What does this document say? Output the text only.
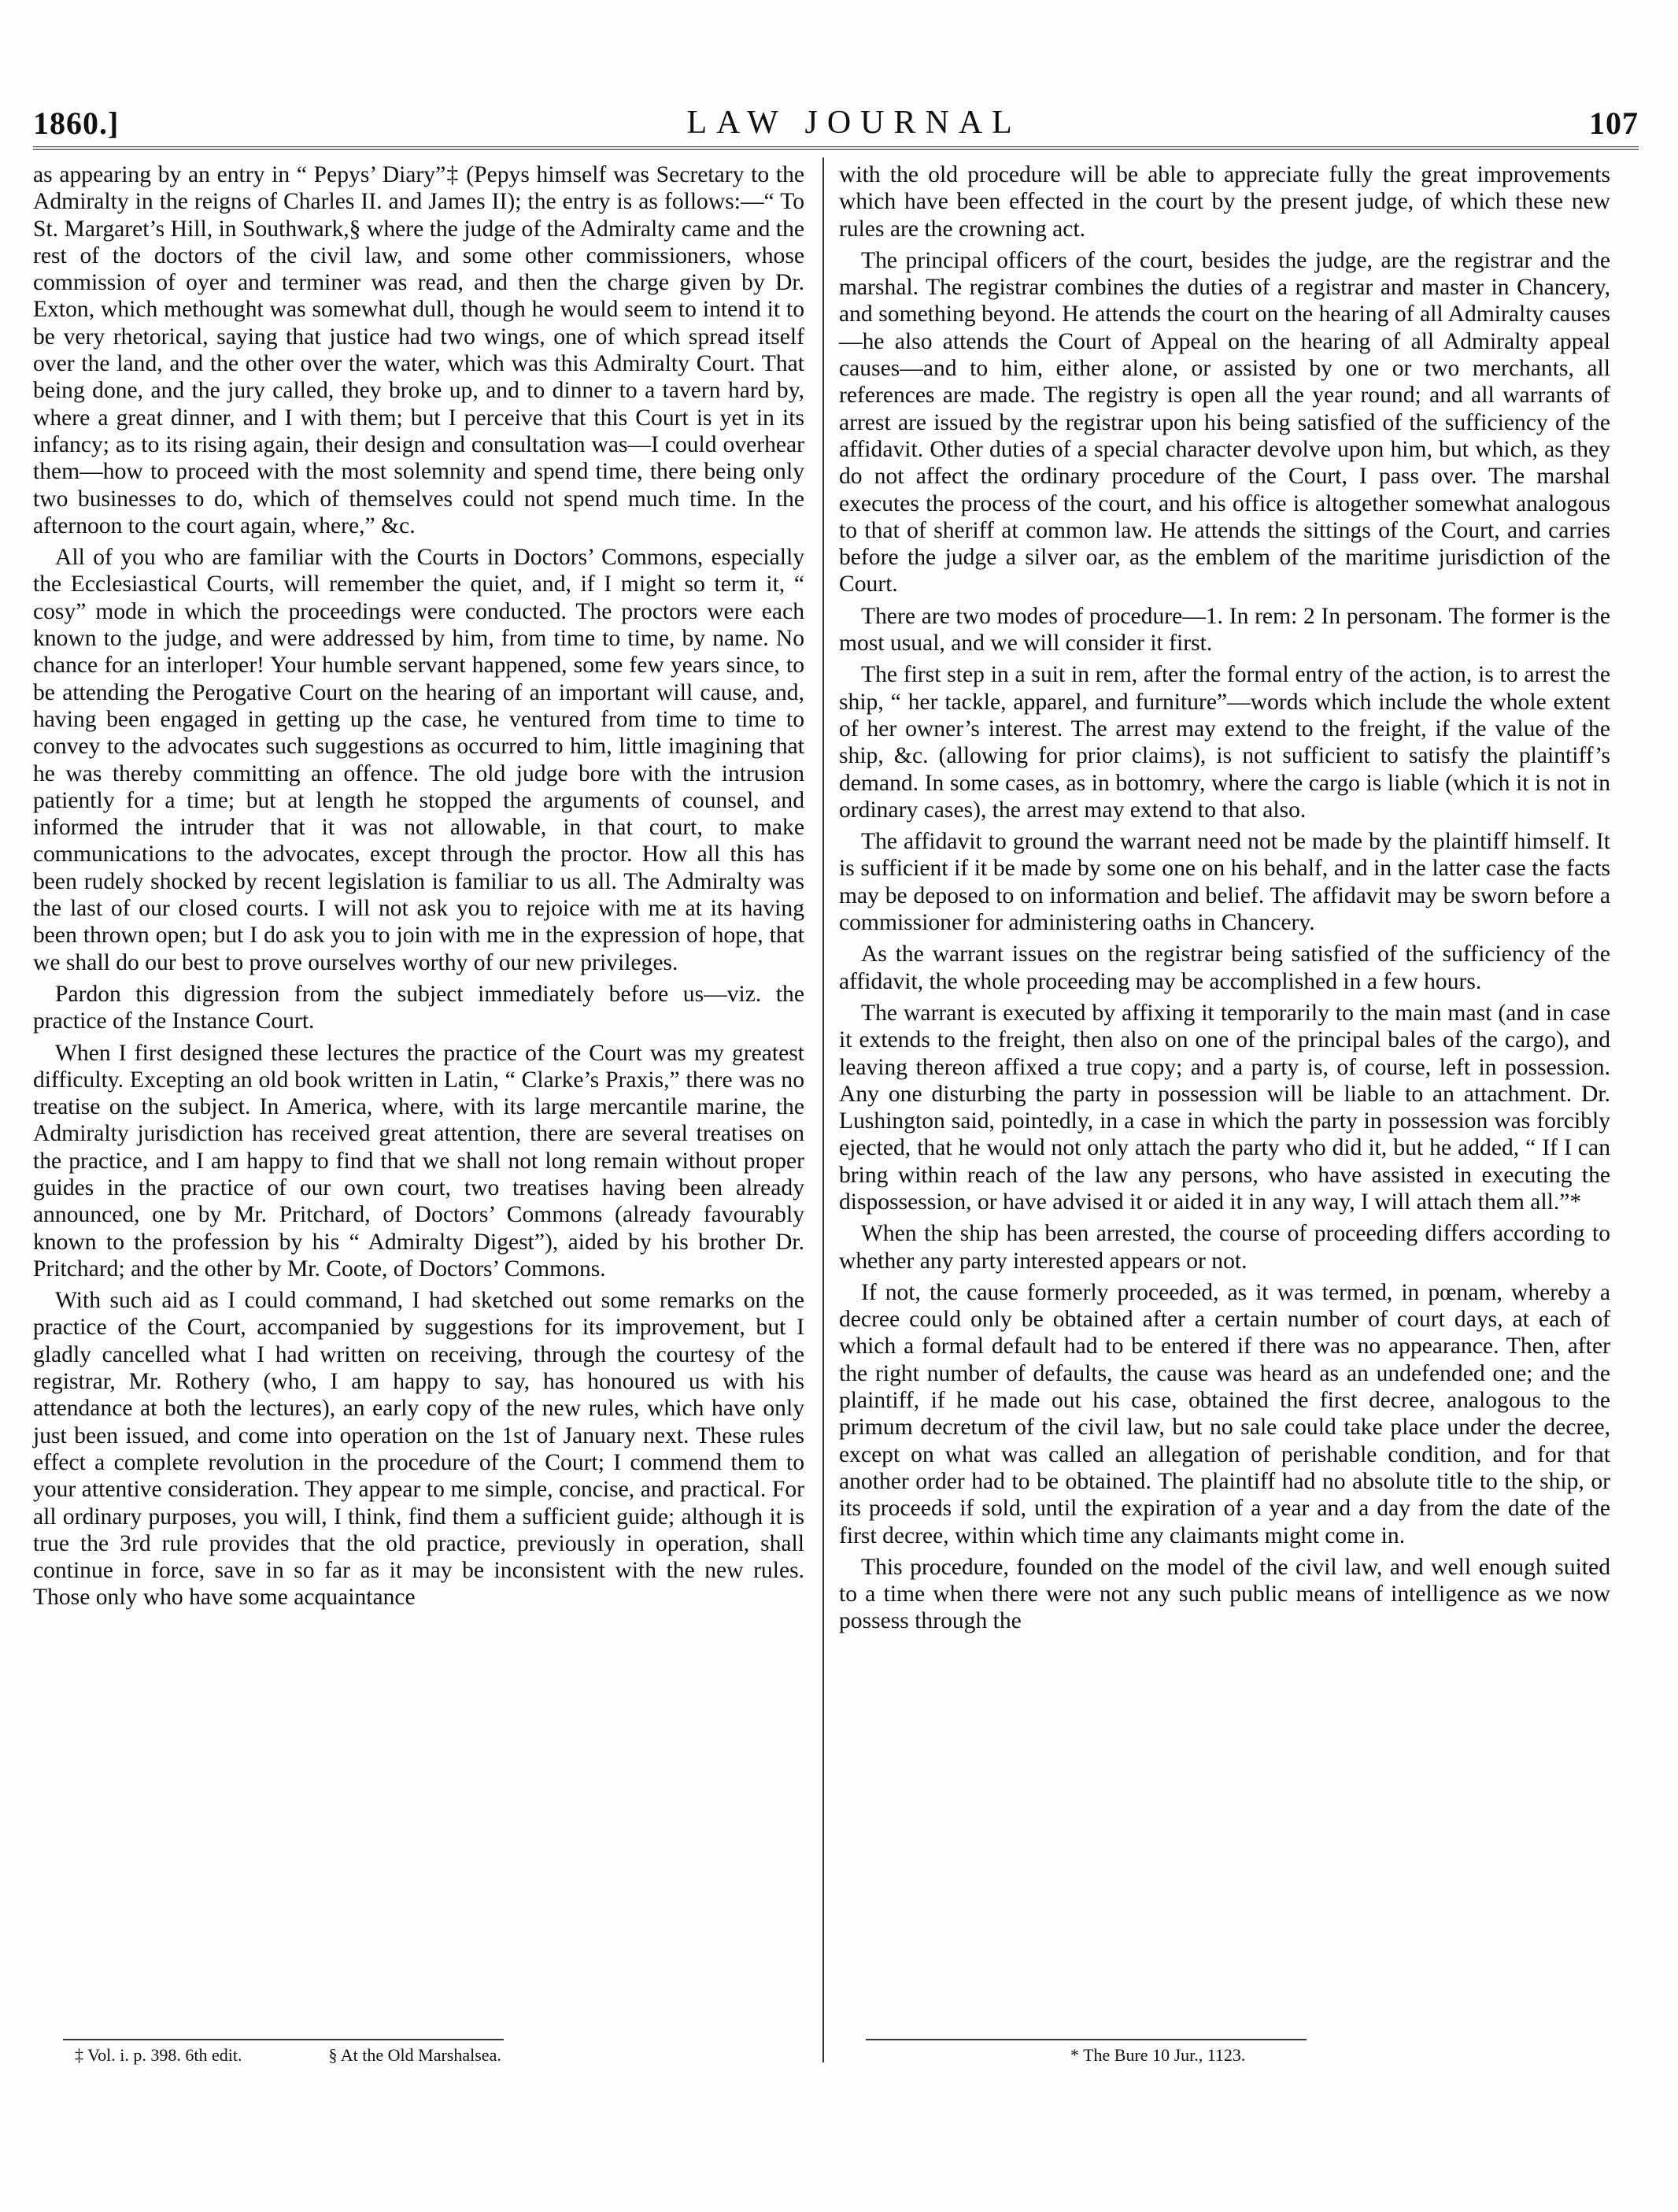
1860.]	LAW JOURNAL	107

as appearing by an entry in “ Pepys’ Diary”‡ (Pepys himself was Secretary to the Admiralty in the reigns of Charles II. and James II); the entry is as follows:—“ To St. Margaret’s Hill, in Southwark,§ where the judge of the Admiralty came and the rest of the doctors of the civil law, and some other commissioners, whose commission of oyer and terminer was read, and then the charge given by Dr. Exton, which methought was somewhat dull, though he would seem to intend it to be very rhetorical, saying that justice had two wings, one of which spread itself over the land, and the other over the water, which was this Admiralty Court. That being done, and the jury called, they broke up, and to dinner to a tavern hard by, where a great dinner, and I with them; but I perceive that this Court is yet in its infancy; as to its rising again, their design and consultation was—I could overhear them—how to proceed with the most solemnity and spend time, there being only two businesses to do, which of themselves could not spend much time. In the afternoon to the court again, where,” &c.

All of you who are familiar with the Courts in Doctors’ Commons, especially the Ecclesiastical Courts, will remember the quiet, and, if I might so term it, “ cosy” mode in which the proceedings were conducted. The proctors were each known to the judge, and were addressed by him, from time to time, by name. No chance for an interloper! Your humble servant happened, some few years since, to be attending the Perogative Court on the hearing of an important will cause, and, having been engaged in getting up the case, he ventured from time to time to convey to the advocates such suggestions as occurred to him, little imagining that he was thereby committing an offence. The old judge bore with the intrusion patiently for a time; but at length he stopped the arguments of counsel, and informed the intruder that it was not allowable, in that court, to make communications to the advocates, except through the proctor. How all this has been rudely shocked by recent legislation is familiar to us all. The Admiralty was the last of our closed courts. I will not ask you to rejoice with me at its having been thrown open; but I do ask you to join with me in the expression of hope, that we shall do our best to prove ourselves worthy of our new privileges.

Pardon this digression from the subject immediately before us—viz. the practice of the Instance Court.

When I first designed these lectures the practice of the Court was my greatest difficulty. Excepting an old book written in Latin, “ Clarke’s Praxis,” there was no treatise on the subject. In America, where, with its large mercantile marine, the Admiralty jurisdiction has received great attention, there are several treatises on the practice, and I am happy to find that we shall not long remain without proper guides in the practice of our own court, two treatises having been already announced, one by Mr. Pritchard, of Doctors’ Commons (already favourably known to the profession by his “ Admiralty Digest”), aided by his brother Dr. Pritchard; and the other by Mr. Coote, of Doctors’ Commons.

With such aid as I could command, I had sketched out some remarks on the practice of the Court, accompanied by suggestions for its improvement, but I gladly cancelled what I had written on receiving, through the courtesy of the registrar, Mr. Rothery (who, I am happy to say, has honoured us with his attendance at both the lectures), an early copy of the new rules, which have only just been issued, and come into operation on the 1st of January next. These rules effect a complete revolution in the procedure of the Court; I commend them to your attentive consideration. They appear to me simple, concise, and practical. For all ordinary purposes, you will, I think, find them a sufficient guide; although it is true the 3rd rule provides that the old practice, previously in operation, shall continue in force, save in so far as it may be inconsistent with the new rules. Those only who have some acquaintance

with the old procedure will be able to appreciate fully the great improvements which have been effected in the court by the present judge, of which these new rules are the crowning act.

The principal officers of the court, besides the judge, are the registrar and the marshal. The registrar combines the duties of a registrar and master in Chancery, and something beyond. He attends the court on the hearing of all Admiralty causes—he also attends the Court of Appeal on the hearing of all Admiralty appeal causes—and to him, either alone, or assisted by one or two merchants, all references are made. The registry is open all the year round; and all warrants of arrest are issued by the registrar upon his being satisfied of the sufficiency of the affidavit. Other duties of a special character devolve upon him, but which, as they do not affect the ordinary procedure of the Court, I pass over. The marshal executes the process of the court, and his office is altogether somewhat analogous to that of sheriff at common law. He attends the sittings of the Court, and carries before the judge a silver oar, as the emblem of the maritime jurisdiction of the Court.

There are two modes of procedure—1. In rem: 2 In personam. The former is the most usual, and we will consider it first.

The first step in a suit in rem, after the formal entry of the action, is to arrest the ship, “ her tackle, apparel, and furniture”—words which include the whole extent of her owner’s interest. The arrest may extend to the freight, if the value of the ship, &c. (allowing for prior claims), is not sufficient to satisfy the plaintiff’s demand. In some cases, as in bottomry, where the cargo is liable (which it is not in ordinary cases), the arrest may extend to that also.

The affidavit to ground the warrant need not be made by the plaintiff himself. It is sufficient if it be made by some one on his behalf, and in the latter case the facts may be deposed to on information and belief. The affidavit may be sworn before a commissioner for administering oaths in Chancery.

As the warrant issues on the registrar being satisfied of the sufficiency of the affidavit, the whole proceeding may be accomplished in a few hours.

The warrant is executed by affixing it temporarily to the main mast (and in case it extends to the freight, then also on one of the principal bales of the cargo), and leaving thereon affixed a true copy; and a party is, of course, left in possession. Any one disturbing the party in possession will be liable to an attachment. Dr. Lushington said, pointedly, in a case in which the party in possession was forcibly ejected, that he would not only attach the party who did it, but he added, “ If I can bring within reach of the law any persons, who have assisted in executing the dispossession, or have advised it or aided it in any way, I will attach them all.”*

When the ship has been arrested, the course of proceeding differs according to whether any party interested appears or not.

If not, the cause formerly proceeded, as it was termed, in pœnam, whereby a decree could only be obtained after a certain number of court days, at each of which a formal default had to be entered if there was no appearance. Then, after the right number of defaults, the cause was heard as an undefended one; and the plaintiff, if he made out his case, obtained the first decree, analogous to the primum decretum of the civil law, but no sale could take place under the decree, except on what was called an allegation of perishable condition, and for that another order had to be obtained. The plaintiff had no absolute title to the ship, or its proceeds if sold, until the expiration of a year and a day from the date of the first decree, within which time any claimants might come in.

This procedure, founded on the model of the civil law, and well enough suited to a time when there were not any such public means of intelligence as we now possess through the

‡ Vol. i. p. 398. 6th edit.	§ At the Old Marshalsea.	* The Bure 10 Jur., 1123.
